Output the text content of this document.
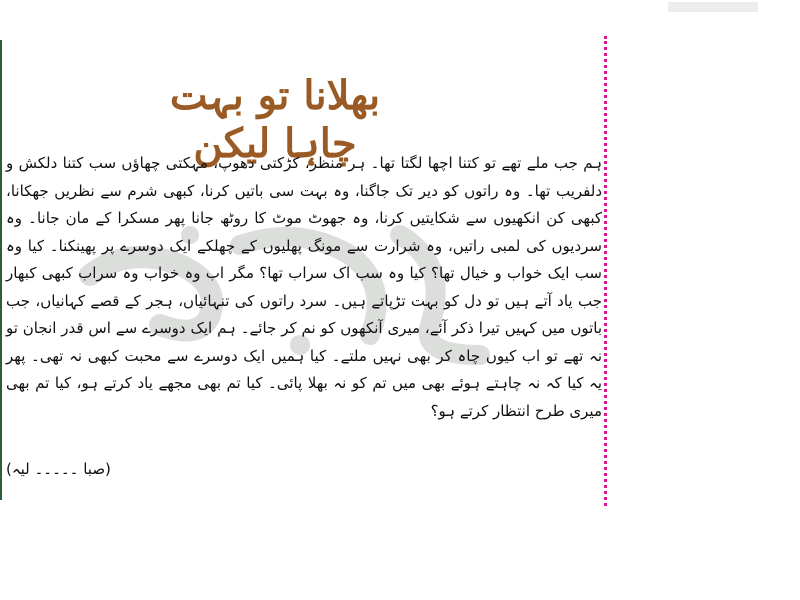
بھلانا تو بہت چاہا لیکن
ہم جب ملے تھے تو کتنا اچھا لگتا تھا۔ ہر منظر، کڑکتی دھوپ، مہکتی چھاؤں سب کتنا دلکش و دلفریب تھا۔ وہ راتوں کو دیر تک جاگنا، وہ بہت سی باتیں کرنا، کبھی شرم سے نظریں جھکانا، کبھی کن انکھیوں سے شکایتیں کرنا، وہ جھوٹ موٹ کا روٹھ جانا پھر مسکرا کے مان جانا۔ وہ سردیوں کی لمبی راتیں، وہ شرارت سے مونگ پھلیوں کے چھلکے ایک دوسرے پر پھینکنا۔ کیا وہ سب ایک خواب و خیال تھا؟ کیا وہ سب اک سراب تھا؟ مگر اب وہ خواب وہ سراب کبھی کبھار جب یاد آتے ہیں تو دل کو بہت تڑپاتے ہیں۔ سرد راتوں کی تنہائیاں، ہجر کے قصے کہانیاں، جب باتوں میں کہیں تیرا ذکر آئے، میری آنکھوں کو نم کر جائے۔ ہم ایک دوسرے سے اس قدر انجان تو نہ تھے تو اب کیوں چاہ کر بھی نہیں ملتے۔ کیا ہمیں ایک دوسرے سے محبت کبھی نہ تھی۔ پھر یہ کیا کہ نہ چاہتے ہوئے بھی میں تم کو نہ بھلا پائی۔ کیا تم بھی مجھے یاد کرتے ہو، کیا تم بھی میری طرح انتظار کرتے ہو؟
(صبا ۔۔۔۔۔ لیہ)
